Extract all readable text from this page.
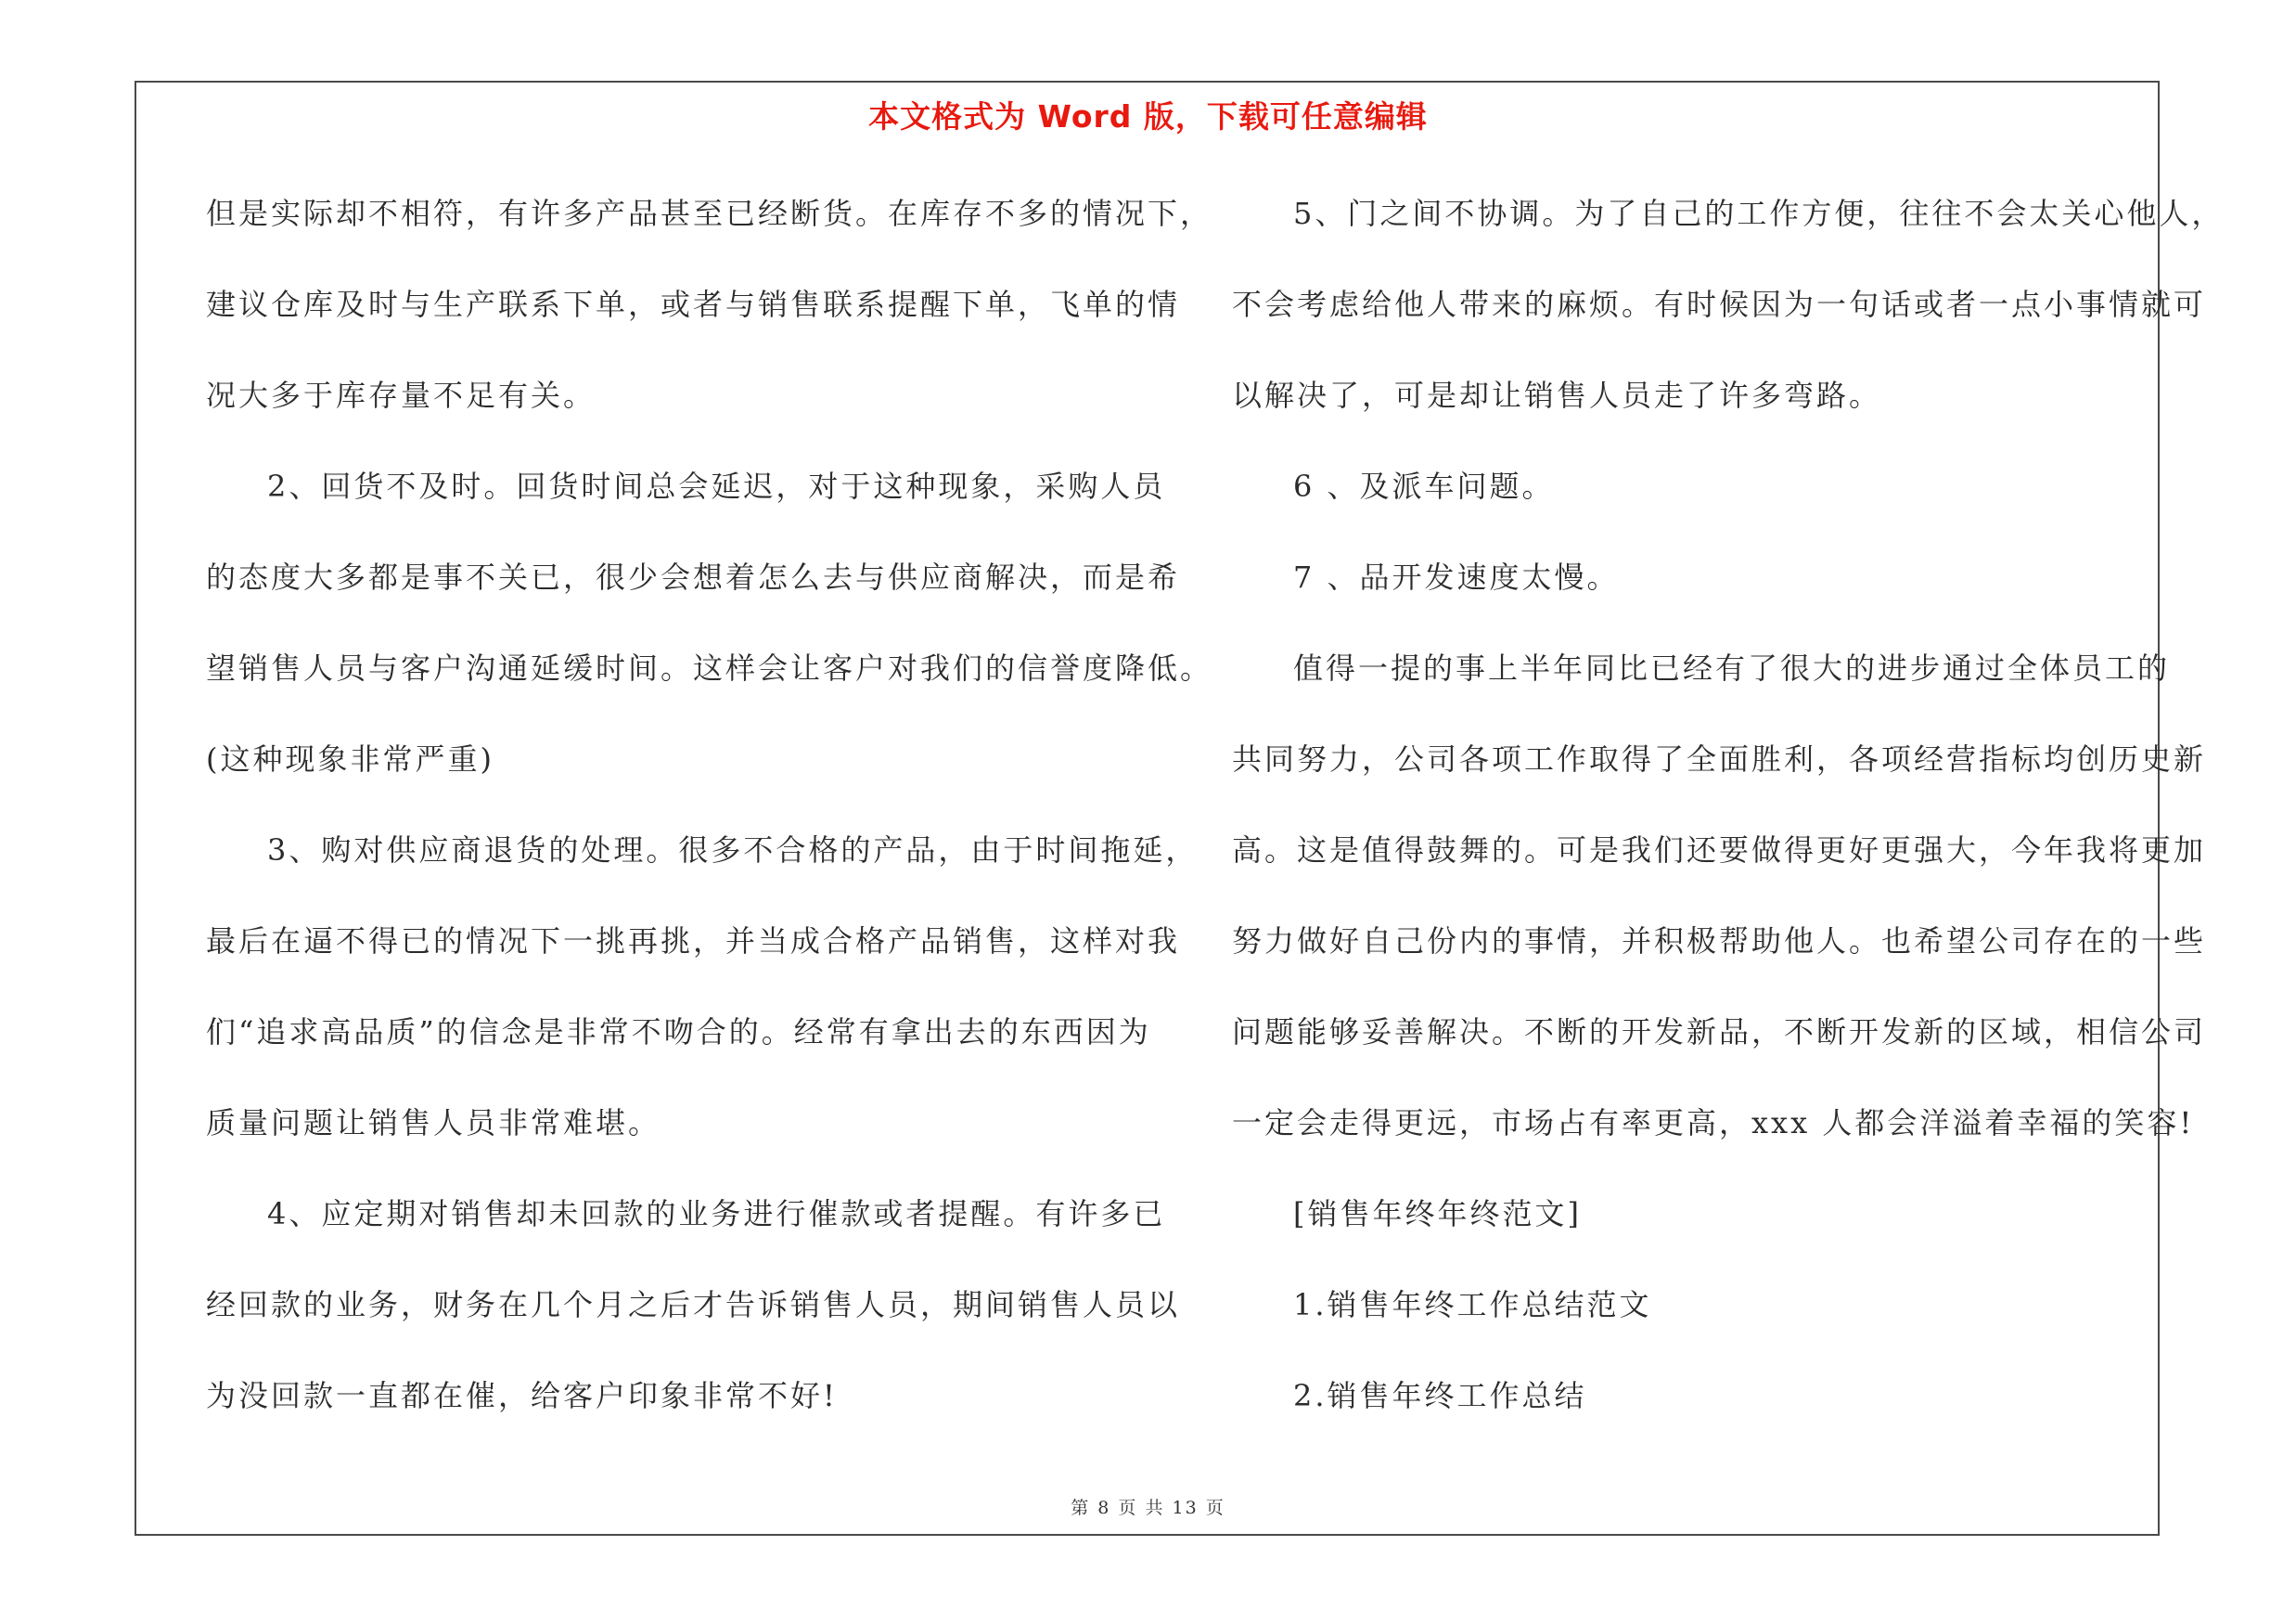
本文格式为 Word 版，下载可任意编辑
但是实际却不相符，有许多产品甚至已经断货。在库存不多的情况下，
建议仓库及时与生产联系下单，或者与销售联系提醒下单，飞单的情
况大多于库存量不足有关。
2、回货不及时。回货时间总会延迟，对于这种现象，采购人员
的态度大多都是事不关已，很少会想着怎么去与供应商解决，而是希
望销售人员与客户沟通延缓时间。这样会让客户对我们的信誉度降低。
(这种现象非常严重)
3、购对供应商退货的处理。很多不合格的产品，由于时间拖延，
最后在逼不得已的情况下一挑再挑，并当成合格产品销售，这样对我
们“追求高品质”的信念是非常不吻合的。经常有拿出去的东西因为
质量问题让销售人员非常难堪。
4、应定期对销售却未回款的业务进行催款或者提醒。有许多已
经回款的业务，财务在几个月之后才告诉销售人员，期间销售人员以
为没回款一直都在催，给客户印象非常不好!
5、门之间不协调。为了自己的工作方便，往往不会太关心他人，
不会考虑给他人带来的麻烦。有时候因为一句话或者一点小事情就可
以解决了，可是却让销售人员走了许多弯路。
6 、及派车问题。
7 、品开发速度太慢。
值得一提的事上半年同比已经有了很大的进步通过全体员工的
共同努力，公司各项工作取得了全面胜利，各项经营指标均创历史新
高。这是值得鼓舞的。可是我们还要做得更好更强大，今年我将更加
努力做好自己份内的事情，并积极帮助他人。也希望公司存在的一些
问题能够妥善解决。不断的开发新品，不断开发新的区域，相信公司
一定会走得更远，市场占有率更高，xxx 人都会洋溢着幸福的笑容!
[销售年终年终范文]
1.销售年终工作总结范文
2.销售年终工作总结
第 8 页 共 13 页
